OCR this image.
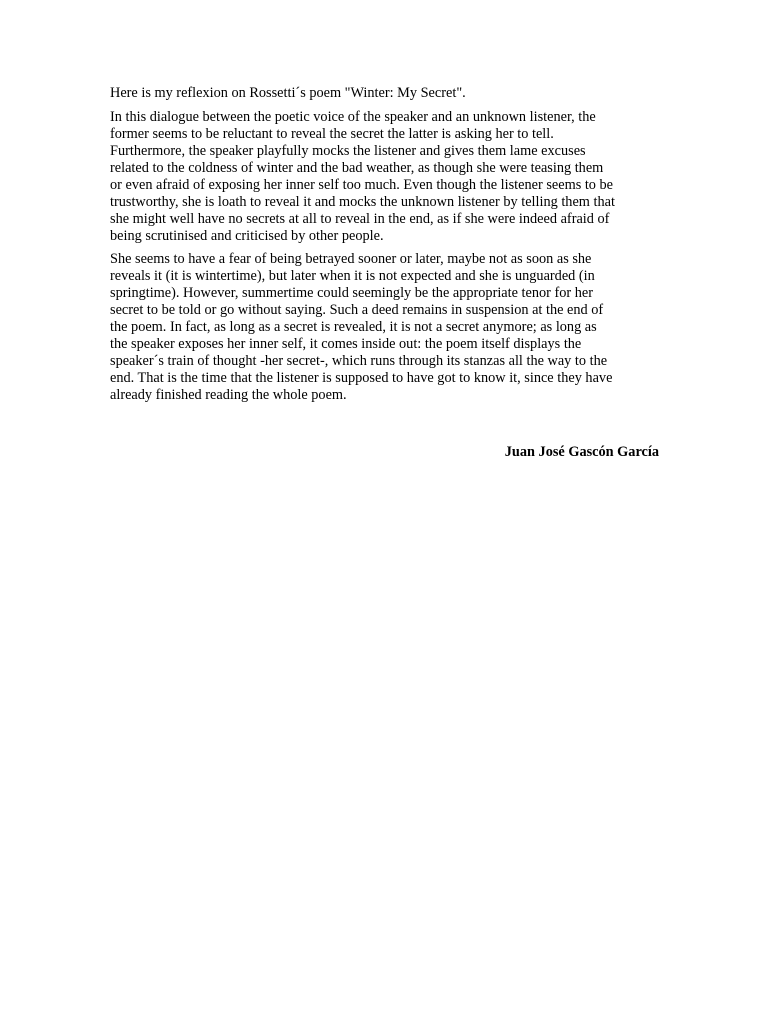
Here is my reflexion on Rossetti´s poem "Winter: My Secret".

In this dialogue between the poetic voice of the speaker and an unknown listener, the
former seems to be reluctant to reveal the secret the latter is asking her to tell.
Furthermore, the speaker playfully mocks the listener and gives them lame excuses
related to the coldness of winter and the bad weather, as though she were teasing them
or even afraid of exposing her inner self too much. Even though the listener seems to be
trustworthy, she is loath to reveal it and mocks the unknown listener by telling them that
she might well have no secrets at all to reveal in the end, as if she were indeed afraid of
being scrutinised and criticised by other people.

She seems to have a fear of being betrayed sooner or later, maybe not as soon as she
reveals it (it is wintertime), but later when it is not expected and she is unguarded (in
springtime). However, summertime could seemingly be the appropriate tenor for her
secret to be told or go without saying. Such a deed remains in suspension at the end of
the poem. In fact, as long as a secret is revealed, it is not a secret anymore; as long as
the speaker exposes her inner self, it comes inside out: the poem itself displays the
speaker´s train of thought -her secret-, which runs through its stanzas all the way to the
end. That is the time that the listener is supposed to have got to know it, since they have
already finished reading the whole poem.

Juan José Gascón García
